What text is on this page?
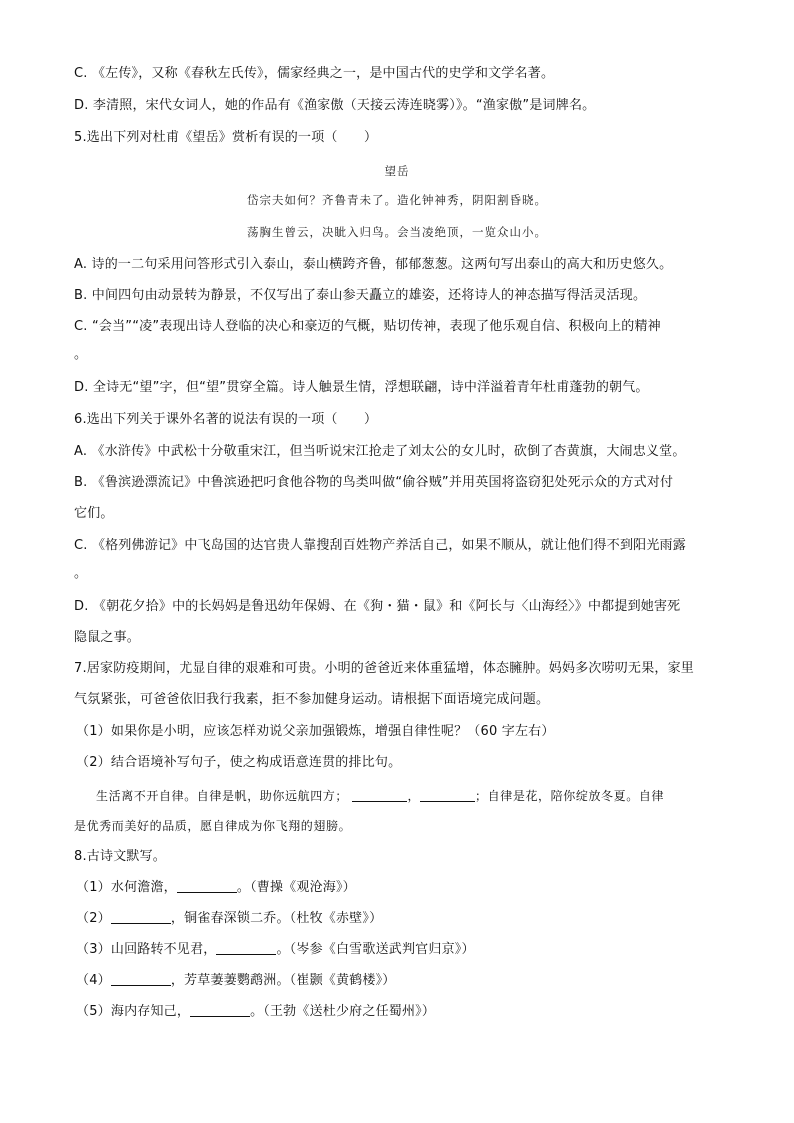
C. 《左传》，又称《春秋左氏传》，儒家经典之一，是中国古代的史学和文学名著。
D. 李清照，宋代女词人，她的作品有《渔家傲（天接云涛连晓雾）》。“渔家傲”是词牌名。
5.选出下列对杜甫《望岳》赏析有误的一项（　　）
望岳
岱宗夫如何？齐鲁青未了。造化钟神秀，阴阳割昏晓。
荡胸生曾云，决眦入归鸟。会当凌绝顶，一览众山小。
A. 诗的一二句采用问答形式引入泰山，泰山横跨齐鲁，郁郁葱葱。这两句写出泰山的高大和历史悠久。
B. 中间四句由动景转为静景，不仅写出了泰山参天矗立的雄姿，还将诗人的神态描写得活灵活现。
C. “会当”“凌”表现出诗人登临的决心和豪迈的气概，贴切传神，表现了他乐观自信、积极向上的精神
。
D. 全诗无“望”字，但“望”贯穿全篇。诗人触景生情，浮想联翩，诗中洋溢着青年杜甫蓬勃的朝气。
6.选出下列关于课外名著的说法有误的一项（　　）
A. 《水浒传》中武松十分敬重宋江，但当听说宋江抢走了刘太公的女儿时，砍倒了杏黄旗，大闹忠义堂。
B. 《鲁滨逊漂流记》中鲁滨逊把叼食他谷物的鸟类叫做“偷谷贼”并用英国将盗窃犯处死示众的方式对付
它们。
C. 《格列佛游记》中飞岛国的达官贵人靠搜刮百姓物产养活自己，如果不顺从，就让他们得不到阳光雨露
。
D. 《朝花夕拾》中的长妈妈是鲁迅幼年保姆、在《狗・猫・鼠》和《阿长与〈山海经〉》中都提到她害死
隐鼠之事。
7.居家防疫期间，尤显自律的艰难和可贵。小明的爸爸近来体重猛增，体态臃肿。妈妈多次唠叨无果，家里
气氛紧张，可爸爸依旧我行我素，拒不参加健身运动。请根据下面语境完成问题。
（1）如果你是小明，应该怎样劝说父亲加强锻炼，增强自律性呢？（60 字左右）
（2）结合语境补写句子，使之构成语意连贯的排比句。
生活离不开自律。自律是帆，助你远航四方；	，	；自律是花，陪你绽放冬夏。自律
是优秀而美好的品质，愿自律成为你飞翔的翅膀。
8.古诗文默写。
（1）水何澹澹，	。（曹操《观沧海》）
（2）	，铜雀春深锁二乔。（杜牧《赤壁》）
（3）山回路转不见君，	。（岑参《白雪歌送武判官归京》）
（4）	，芳草萋萋鹦鹉洲。（崔颢《黄鹤楼》）
（5）海内存知己，	。（王勃《送杜少府之任蜀州》）
